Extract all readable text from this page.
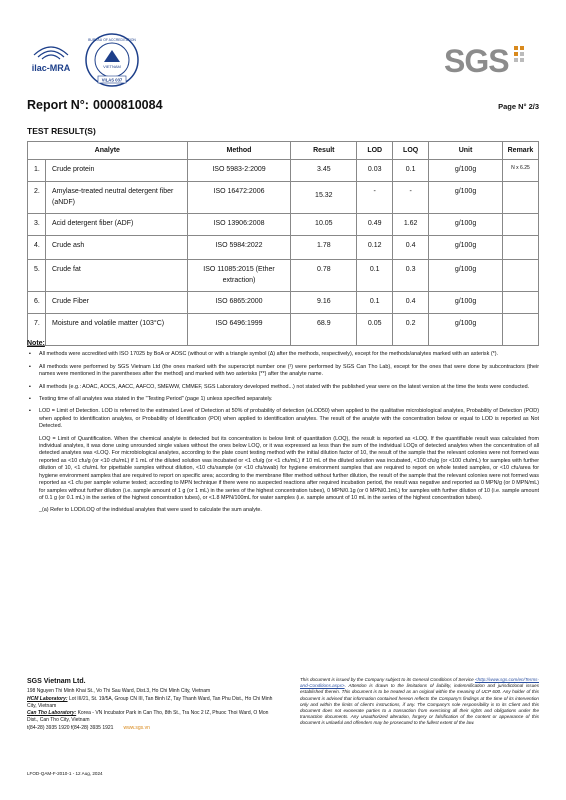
ilac-MRA	VIETNAM
BUREAU OF ACCREDITATION
VILAS 037
SGS
Report N°: 0000810084	Page N° 2/3
TEST RESULT(S)
Analyte		Method	Result	LOD	LOQ	Unit	Remark
1.	Crude protein	ISO 5983-2:2009	3.45	0.03	0.1	g/100g	N x 6.25
2.	Amylase-treated neutral detergent fiber (aNDF)	ISO 16472:2006	15.32	-	-	g/100g	
3.	Acid detergent fiber (ADF)	ISO 13906:2008	10.05	0.49	1.62	g/100g	
4.	Crude ash	ISO 5984:2022	1.78	0.12	0.4	g/100g	
5.	Crude fat	ISO 11085:2015 (Ether extraction)	0.78	0.1	0.3	g/100g	
6.	Crude Fiber	ISO 6865:2000	9.16	0.1	0.4	g/100g	
7.	Moisture and volatile matter (103°C)	ISO 6496:1999	68.9	0.05	0.2	g/100g	
Note:
▪ All methods were accredited with ISO 17025 by BoA or AOSC (without or with a triangle symbol (Δ) after the methods, respectively), except for the methods/analytes marked with an asterisk (*).
▪ All methods were performed by SGS Vietnam Ltd (the ones marked with the superscript number one (¹) were performed by SGS Can Tho Lab), except for the ones that were done by subcontractors (their names were mentioned in the parentheses after the method) and marked with two asterisks (**) after the analyte name.
▪ All methods (e.g.: AOAC, AOCS, AACC, AAFCO, SMEWW, CMMEF, SGS Laboratory developed method...) not stated with the published year were on the latest version at the time the tests were conducted.
▪ Testing time of all analytes was stated in the "Testing Period" (page 1) unless specified separately.
▪ LOD = Limit of Detection. LOD is referred to the estimated Level of Detection at 50% of probability of detection (eLOD50) when applied to the qualitative microbiological analytes, Probability of Detection (POD) when applied to identification analytes, or Probability of Identification (POI) when applied to identification analytes. The result of the analyte with the concentration below or equal to LOD is reported as Not Detected.
LOQ = Limit of Quantification. When the chemical analyte is detected but its concentration is below limit of quantitation (LOQ), the result is reported as <LOQ. If the quantifiable result was calculated from individual analytes, it was done using unrounded single values without the ones below LOQ, or it was expressed as less than the sum of the individual LOQs of detected analytes when the concentration of all detected analytes was <LOQ. For microbiological analytes, according to the plate count testing method with the initial dilution factor of 10, the result of the sample that the relevant colonies were not formed was reported as <10 cfu/g (or <10 cfu/mL) if 1 mL of the diluted solution was incubated or <1 cfu/g (or <1 cfu/mL) if 10 mL of the diluted solution was incubated, <100 cfu/g (or <100 cfu/mL) for samples with further dilution of 10, <1 cfu/mL for pipettable samples without dilution, <10 cfu/sample (or <10 cfu/swab) for hygiene environment samples that are required to report on whole tested samples, or <10 cfu/area for hygiene environment samples that are required to report on specific area; according to the membrane filter method without further dilution, the result of the sample that the relevant colonies were not formed was reported as <1 cfu per sample volume tested; according to MPN technique if there were no suspected reactions after required incubation period, the result was negative and reported as 0 MPN/g (or 0 MPN/mL) for samples without further dilution (i.e. sample amount of 1 g (or 1 mL) in the series of the highest concentration tubes), 0 MPN/0.1g (or 0 MPN/0.1mL) for samples with further dilution of 10 (i.e. sample amount of 0.1 g (or 0.1 mL) in the series of the highest concentration tubes), or <1.8 MPN/100mL for water samples (i.e. sample amount of 10 mL in the series of the highest concentration tubes).
_(a) Refer to LOD/LOQ of the individual analytes that were used to calculate the sum analyte.
SGS Vietnam Ltd.
198 Nguyen Thi Minh Khai St., Vo Thi Sau Ward, Dist.3, Ho Chi Minh City, Vietnam
HCM Laboratory: Lot III/21, St. 19/5A, Group CN III, Tan Binh IZ, Tay Thanh Ward, Tan Phu Dist., Ho Chi Minh City, Vietnam
Can Tho Laboratory: Korea - VN Incubator Park in Can Tho, 8th St., Tra Noc 2 IZ, Phuoc Thoi Ward, O Mon Dist., Can Tho City, Vietnam
t(84-28) 3935 1920 f(84-28) 3935 1921 www.sgs.vn
This document is issued by the Company subject to its General Conditions of Service <http://www.sgs.com/en/Terms-and-Conditions.aspx>. Attention is drawn to the limitations of liability, indemnification and jurisdictional issues established therein. This document is to be treated as an original within the meaning of UCP 600. Any holder of this document is advised that information contained hereon reflects the Company's findings at the time of its intervention only and within the limits of client's instructions, if any. The Company's sole responsibility is to its Client and this document does not exonerate parties to a transaction from exercising all their rights and obligations under the transaction documents. Any unauthorized alteration, forgery or falsification of the content or appearance of this document is unlawful and offenders may be prosecuted to the fullest extent of the law.
LFOD-QAM-F-2010-1 - 12 Aug, 2024
